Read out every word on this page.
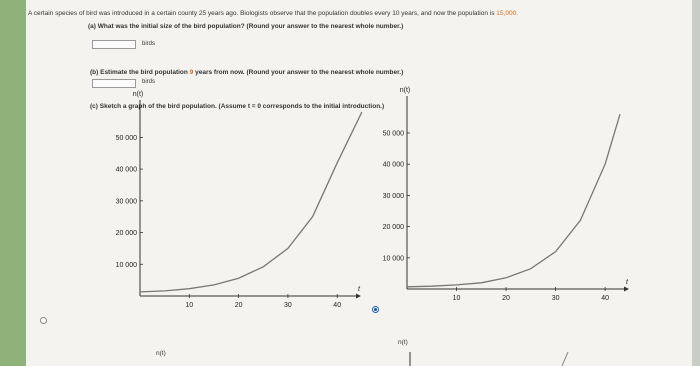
A certain species of bird was introduced in a certain county 25 years ago. Biologists observe that the population doubles every 10 years, and now the population is 15,000.
(a) What was the initial size of the bird population? (Round your answer to the nearest whole number.)
birds
(b) Estimate the bird population 9 years from now. (Round your answer to the nearest whole number.)
birds
(c) Sketch a graph of the bird population. (Assume t = 0 corresponds to the initial introduction.)
10 000
20 000
30 000
40 000
50 000
10	20	30	40
n(t)
t
10 000
20 000
30 000
40 000
50 000
10	20	30	40
n(t)
t
n(t)
n(t)
